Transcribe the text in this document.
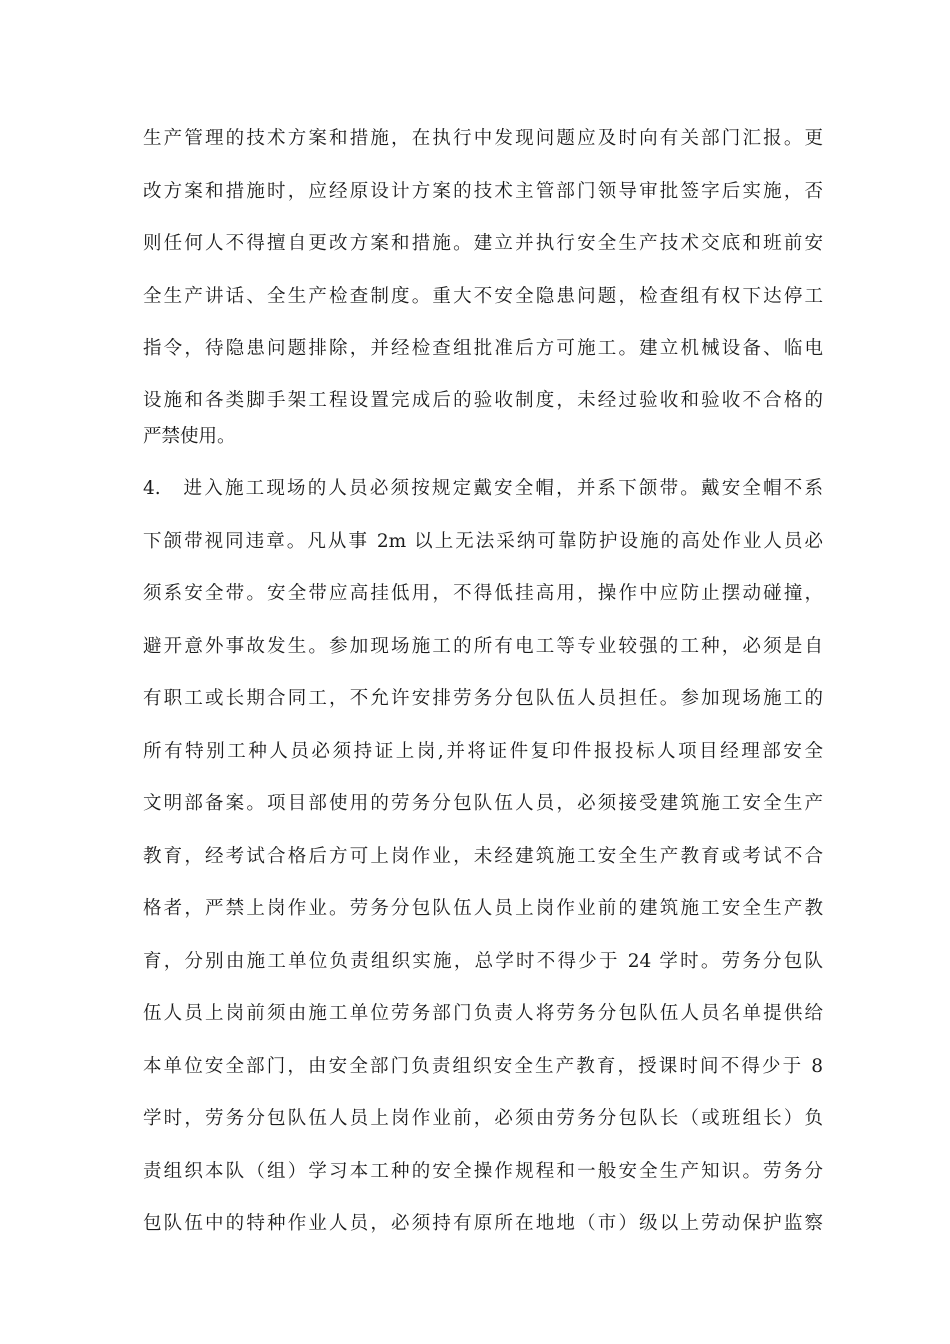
生产管理的技术方案和措施，在执行中发现问题应及时向有关部门汇报。更
改方案和措施时，应经原设计方案的技术主管部门领导审批签字后实施，否
则任何人不得擅自更改方案和措施。建立并执行安全生产技术交底和班前安
全生产讲话、全生产检查制度。重大不安全隐患问题，检查组有权下达停工
指令，待隐患问题排除，并经检查组批准后方可施工。建立机械设备、临电
设施和各类脚手架工程设置完成后的验收制度，未经过验收和验收不合格的
严禁使用。
4.　进入施工现场的人员必须按规定戴安全帽，并系下颌带。戴安全帽不系
下颌带视同违章。凡从事 2m 以上无法采纳可靠防护设施的高处作业人员必
须系安全带。安全带应高挂低用，不得低挂高用，操作中应防止摆动碰撞，
避开意外事故发生。参加现场施工的所有电工等专业较强的工种，必须是自
有职工或长期合同工，不允许安排劳务分包队伍人员担任。参加现场施工的
所有特别工种人员必须持证上岗,并将证件复印件报投标人项目经理部安全
文明部备案。项目部使用的劳务分包队伍人员，必须接受建筑施工安全生产
教育，经考试合格后方可上岗作业，未经建筑施工安全生产教育或考试不合
格者，严禁上岗作业。劳务分包队伍人员上岗作业前的建筑施工安全生产教
育，分别由施工单位负责组织实施，总学时不得少于 24 学时。劳务分包队
伍人员上岗前须由施工单位劳务部门负责人将劳务分包队伍人员名单提供给
本单位安全部门，由安全部门负责组织安全生产教育，授课时间不得少于 8
学时，劳务分包队伍人员上岗作业前，必须由劳务分包队长（或班组长）负
责组织本队（组）学习本工种的安全操作规程和一般安全生产知识。劳务分
包队伍中的特种作业人员，必须持有原所在地地（市）级以上劳动保护监察
